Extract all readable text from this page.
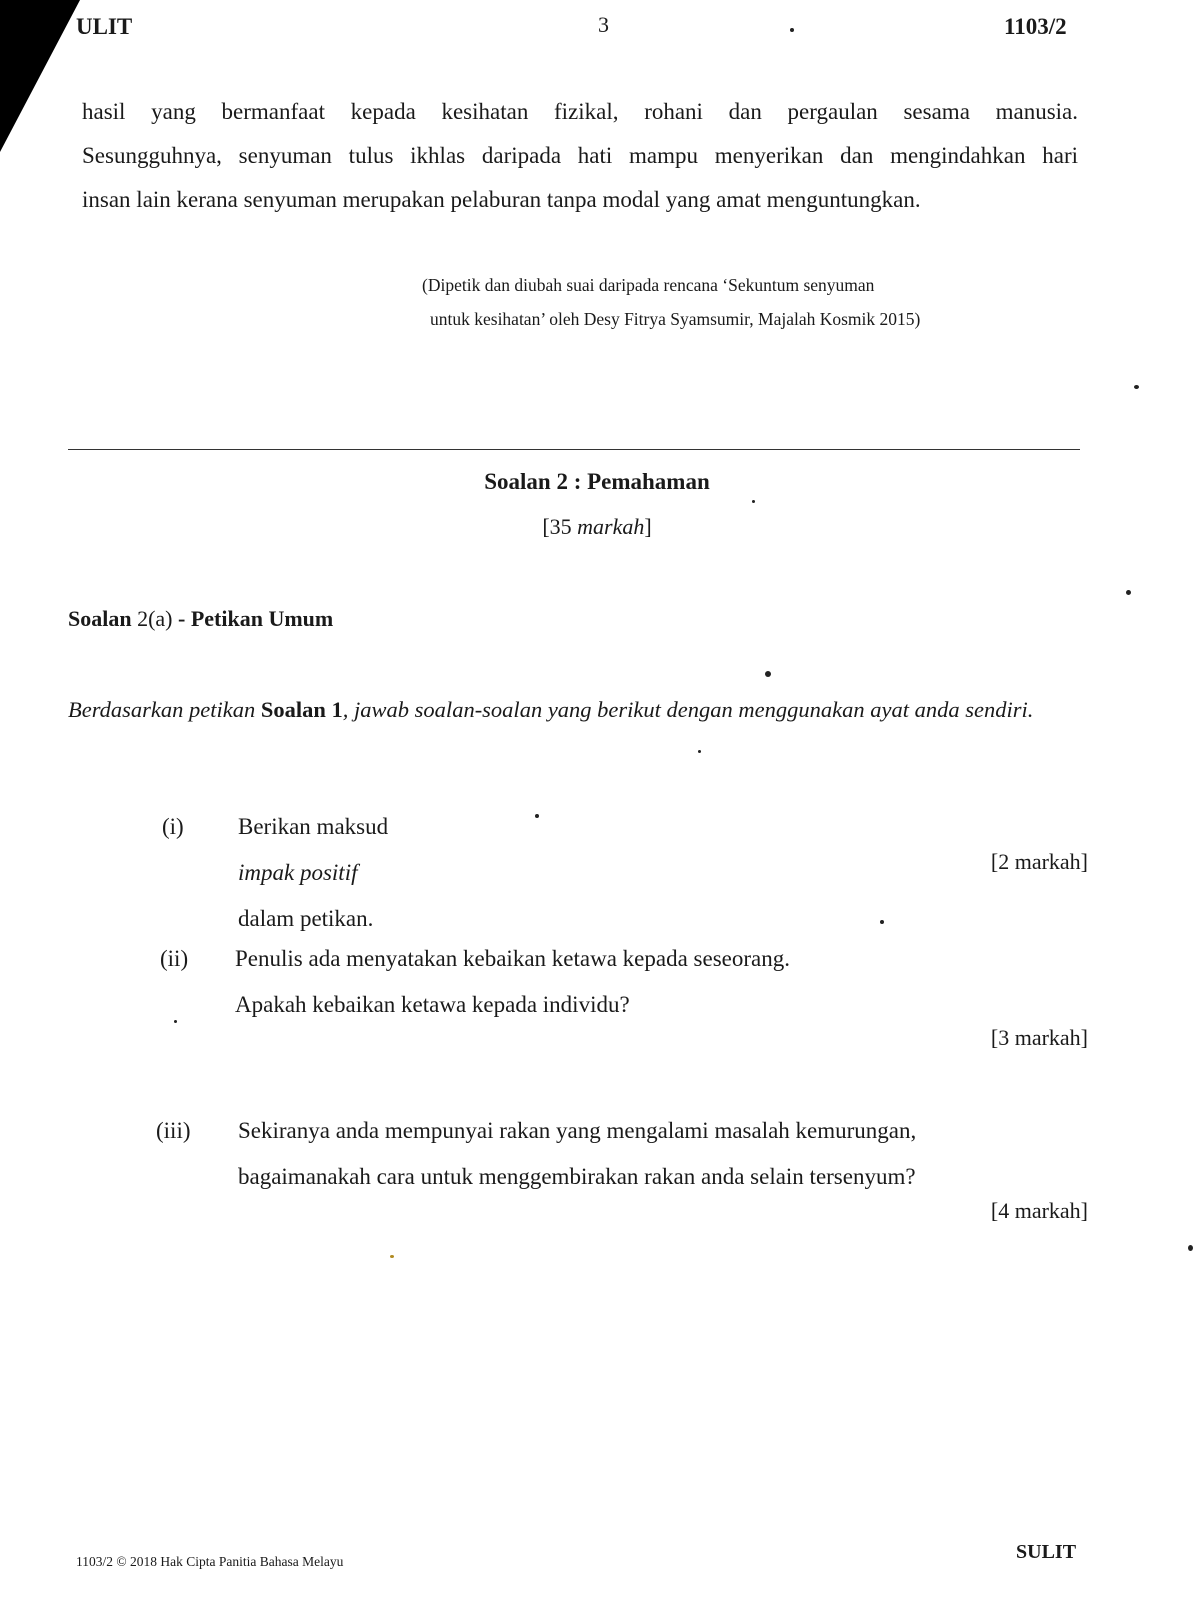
ULIT	3	1103/2
hasil yang bermanfaat kepada kesihatan fizikal, rohani dan pergaulan sesama manusia.
Sesungguhnya, senyuman tulus ikhlas daripada hati mampu menyerikan dan mengindahkan hari
insan lain kerana senyuman merupakan pelaburan tanpa modal yang amat menguntungkan.
(Dipetik dan diubah suai daripada rencana ‘Sekuntum senyuman
untuk kesihatan’ oleh Desy Fitrya Syamsumir, Majalah Kosmik 2015)
Soalan 2 : Pemahaman
[35 markah]
Soalan 2(a) - Petikan Umum
Berdasarkan petikan Soalan 1, jawab soalan-soalan yang berikut dengan menggunakan ayat anda sendiri.
(i) Berikan maksud
impak positif
dalam petikan.
[2 markah]
(ii) Penulis ada menyatakan kebaikan ketawa kepada seseorang.
Apakah kebaikan ketawa kepada individu?
[3 markah]
(iii) Sekiranya anda mempunyai rakan yang mengalami masalah kemurungan,
bagaimanakah cara untuk menggembirakan rakan anda selain tersenyum?
[4 markah]
1103/2 © 2018 Hak Cipta Panitia Bahasa Melayu	SULIT
